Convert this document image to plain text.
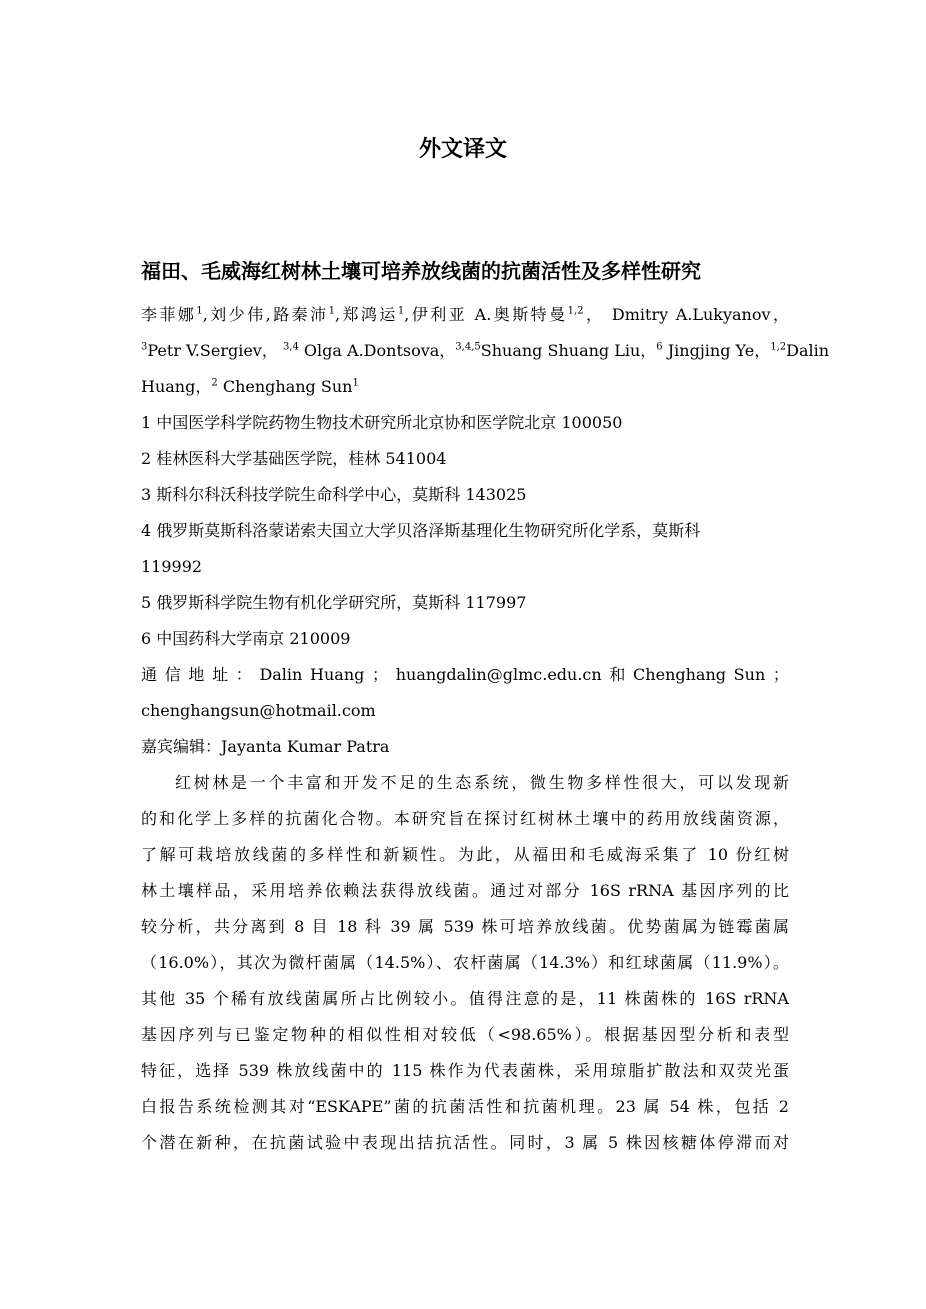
外文译文
福田、毛威海红树林土壤可培养放线菌的抗菌活性及多样性研究
李菲娜$^1$,刘少伟,路秦沛$^1$,郑鸿运$^1$,伊利亚 A.奥斯特曼$^{1,2}$， Dmitry A.Lukyanov，
$^3$Petr V.Sergiev， $^{3,4}$ Olga A.Dontsova，$^{3,4,5}$Shuang Shuang Liu，$^6$ Jingjing Ye，$^{1,2}$Dalin
Huang，$^2$ Chenghang Sun$^1$
1 中国医学科学院药物生物技术研究所北京协和医学院北京 100050
2 桂林医科大学基础医学院，桂林 541004
3 斯科尔科沃科技学院生命科学中心，莫斯科 143025
4 俄罗斯莫斯科洛蒙诺索夫国立大学贝洛泽斯基理化生物研究所化学系，莫斯科
119992
5 俄罗斯科学院生物有机化学研究所，莫斯科 117997
6 中国药科大学南京 210009
通 信 地 址 ： Dalin Huang ； huangdalin@glmc.edu.cn 和 Chenghang Sun ；
chenghangsun@hotmail.com
嘉宾编辑：Jayanta Kumar Patra
红树林是一个丰富和开发不足的生态系统，微生物多样性很大，可以发现新
的和化学上多样的抗菌化合物。本研究旨在探讨红树林土壤中的药用放线菌资源，
了解可栽培放线菌的多样性和新颖性。为此，从福田和毛威海采集了 10 份红树
林土壤样品，采用培养依赖法获得放线菌。通过对部分 16S rRNA 基因序列的比
较分析，共分离到 8 目 18 科 39 属 539 株可培养放线菌。优势菌属为链霉菌属
（16.0%），其次为微杆菌属（14.5%）、农杆菌属（14.3%）和红球菌属（11.9%）。
其他 35 个稀有放线菌属所占比例较小。值得注意的是，11 株菌株的 16S rRNA
基因序列与已鉴定物种的相似性相对较低（<98.65%）。根据基因型分析和表型
特征，选择 539 株放线菌中的 115 株作为代表菌株，采用琼脂扩散法和双荧光蛋
白报告系统检测其对“ESKAPE”菌的抗菌活性和抗菌机理。23 属 54 株，包括 2
个潜在新种，在抗菌试验中表现出拮抗活性。同时，3 属 5 株因核糖体停滞而对
